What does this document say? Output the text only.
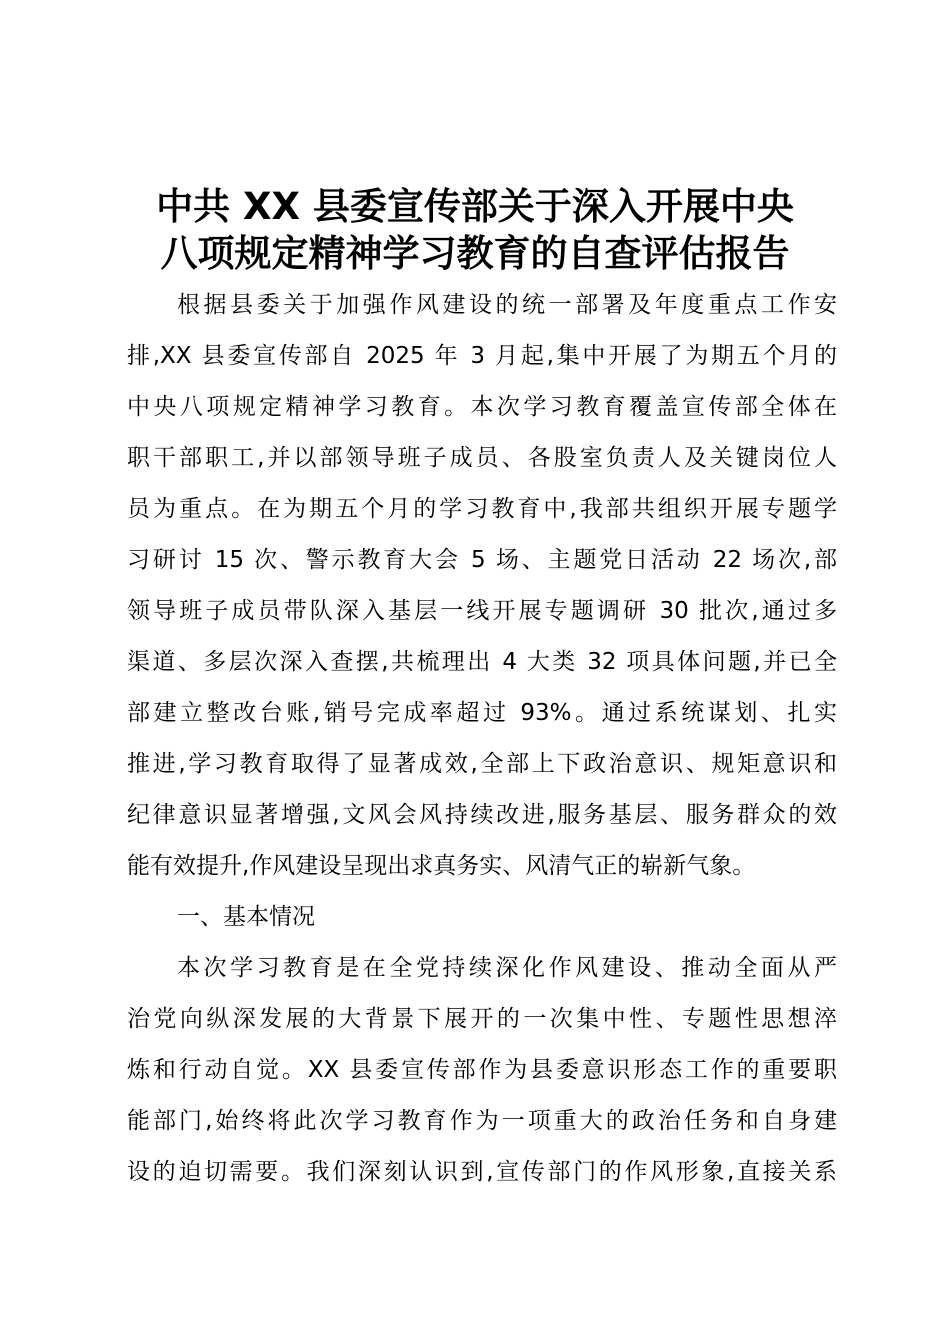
中共 XX 县委宣传部关于深入开展中央
八项规定精神学习教育的自查评估报告
根据县委关于加强作风建设的统一部署及年度重点工作安
排,XX 县委宣传部自 2025 年 3 月起,集中开展了为期五个月的
中央八项规定精神学习教育。本次学习教育覆盖宣传部全体在
职干部职工,并以部领导班子成员、各股室负责人及关键岗位人
员为重点。在为期五个月的学习教育中,我部共组织开展专题学
习研讨 15 次、警示教育大会 5 场、主题党日活动 22 场次,部
领导班子成员带队深入基层一线开展专题调研 30 批次,通过多
渠道、多层次深入查摆,共梳理出 4 大类 32 项具体问题,并已全
部建立整改台账,销号完成率超过 93%。通过系统谋划、扎实
推进,学习教育取得了显著成效,全部上下政治意识、规矩意识和
纪律意识显著增强,文风会风持续改进,服务基层、服务群众的效
能有效提升,作风建设呈现出求真务实、风清气正的崭新气象。
一、基本情况
本次学习教育是在全党持续深化作风建设、推动全面从严
治党向纵深发展的大背景下展开的一次集中性、专题性思想淬
炼和行动自觉。XX 县委宣传部作为县委意识形态工作的重要职
能部门,始终将此次学习教育作为一项重大的政治任务和自身建
设的迫切需要。我们深刻认识到,宣传部门的作风形象,直接关系
